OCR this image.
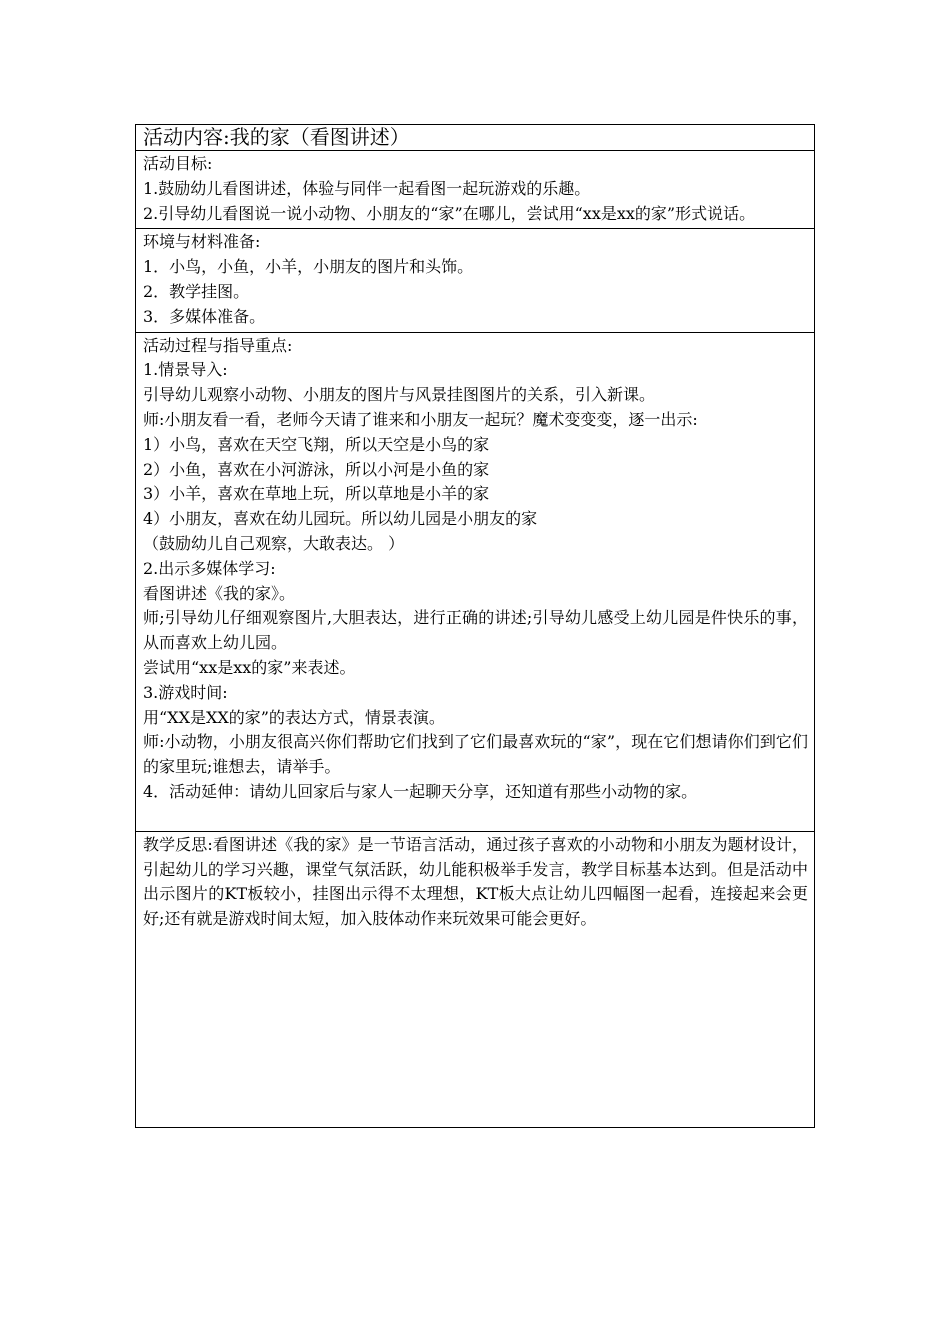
活动内容:我的家（看图讲述）

活动目标:
1.鼓励幼儿看图讲述，体验与同伴一起看图一起玩游戏的乐趣。
2.引导幼儿看图说一说小动物、小朋友的“家”在哪儿，尝试用“xx是xx的家”形式说话。

环境与材料准备:
1．小鸟，小鱼，小羊，小朋友的图片和头饰。
2．教学挂图。
3．多媒体准备。

活动过程与指导重点:
1.情景导入:
引导幼儿观察小动物、小朋友的图片与风景挂图图片的关系，引入新课。
师:小朋友看一看，老师今天请了谁来和小朋友一起玩？魔术变变变，逐一出示:
1）小鸟，喜欢在天空飞翔，所以天空是小鸟的家
2）小鱼，喜欢在小河游泳，所以小河是小鱼的家
3）小羊，喜欢在草地上玩，所以草地是小羊的家
4）小朋友，喜欢在幼儿园玩。所以幼儿园是小朋友的家
（鼓励幼儿自己观察，大敢表达。 ）
2.出示多媒体学习:
看图讲述《我的家》。
师;引导幼儿仔细观察图片,大胆表达，进行正确的讲述;引导幼儿感受上幼儿园是件快乐的事，从而喜欢上幼儿园。
尝试用“xx是xx的家”来表述。
3.游戏时间:
用“XX是XX的家”的表达方式，情景表演。
师:小动物，小朋友很高兴你们帮助它们找到了它们最喜欢玩的“家”，现在它们想请你们到它们的家里玩;谁想去，请举手。
4．活动延伸：请幼儿回家后与家人一起聊天分享，还知道有那些小动物的家。

教学反思:看图讲述《我的家》是一节语言活动，通过孩子喜欢的小动物和小朋友为题材设计，引起幼儿的学习兴趣，课堂气氛活跃，幼儿能积极举手发言，教学目标基本达到。但是活动中出示图片的KT板较小，挂图出示得不太理想，KT板大点让幼儿四幅图一起看，连接起来会更好;还有就是游戏时间太短，加入肢体动作来玩效果可能会更好。
